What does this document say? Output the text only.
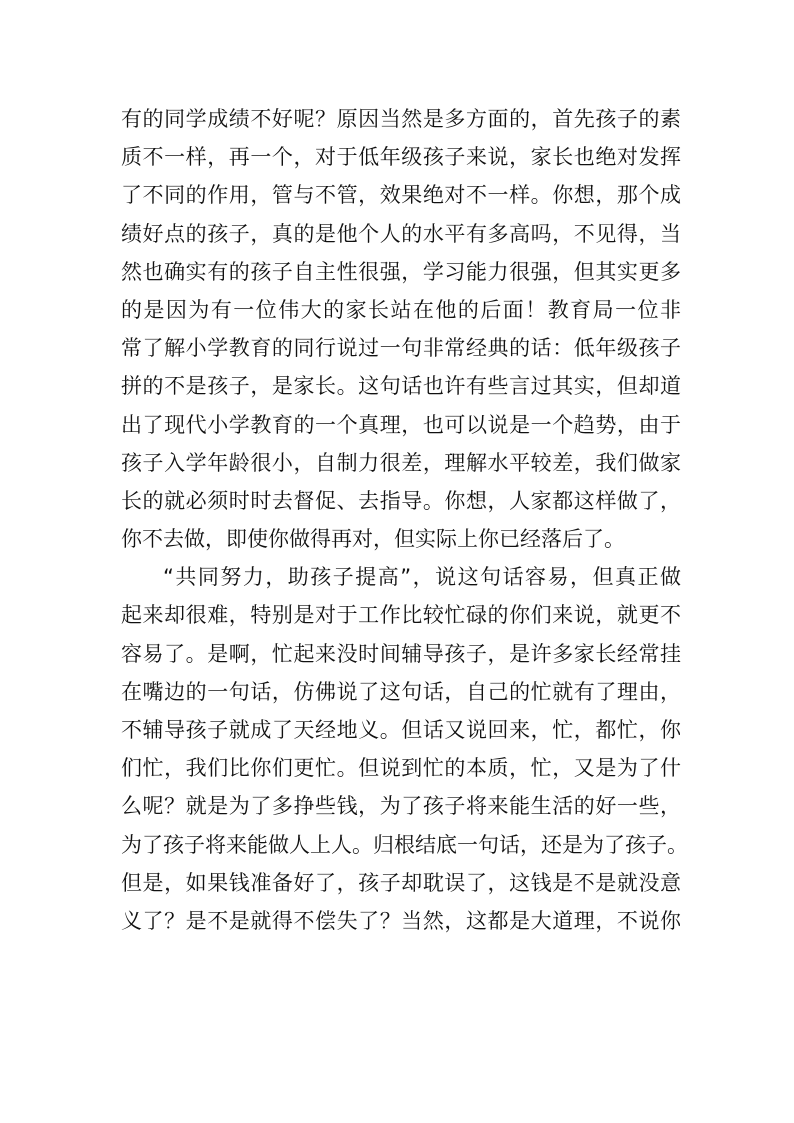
有的同学成绩不好呢？原因当然是多方面的，首先孩子的素
质不一样，再一个，对于低年级孩子来说，家长也绝对发挥
了不同的作用，管与不管，效果绝对不一样。你想，那个成
绩好点的孩子，真的是他个人的水平有多高吗，不见得，当
然也确实有的孩子自主性很强，学习能力很强，但其实更多
的是因为有一位伟大的家长站在他的后面！教育局一位非
常了解小学教育的同行说过一句非常经典的话：低年级孩子
拼的不是孩子，是家长。这句话也许有些言过其实，但却道
出了现代小学教育的一个真理，也可以说是一个趋势，由于
孩子入学年龄很小，自制力很差，理解水平较差，我们做家
长的就必须时时去督促、去指导。你想，人家都这样做了，
你不去做，即使你做得再对，但实际上你已经落后了。
“共同努力，助孩子提高”，说这句话容易，但真正做
起来却很难，特别是对于工作比较忙碌的你们来说，就更不
容易了。是啊，忙起来没时间辅导孩子，是许多家长经常挂
在嘴边的一句话，仿佛说了这句话，自己的忙就有了理由，
不辅导孩子就成了天经地义。但话又说回来，忙，都忙，你
们忙，我们比你们更忙。但说到忙的本质，忙，又是为了什
么呢？就是为了多挣些钱，为了孩子将来能生活的好一些，
为了孩子将来能做人上人。归根结底一句话，还是为了孩子。
但是，如果钱准备好了，孩子却耽误了，这钱是不是就没意
义了？是不是就得不偿失了？当然，这都是大道理，不说你
